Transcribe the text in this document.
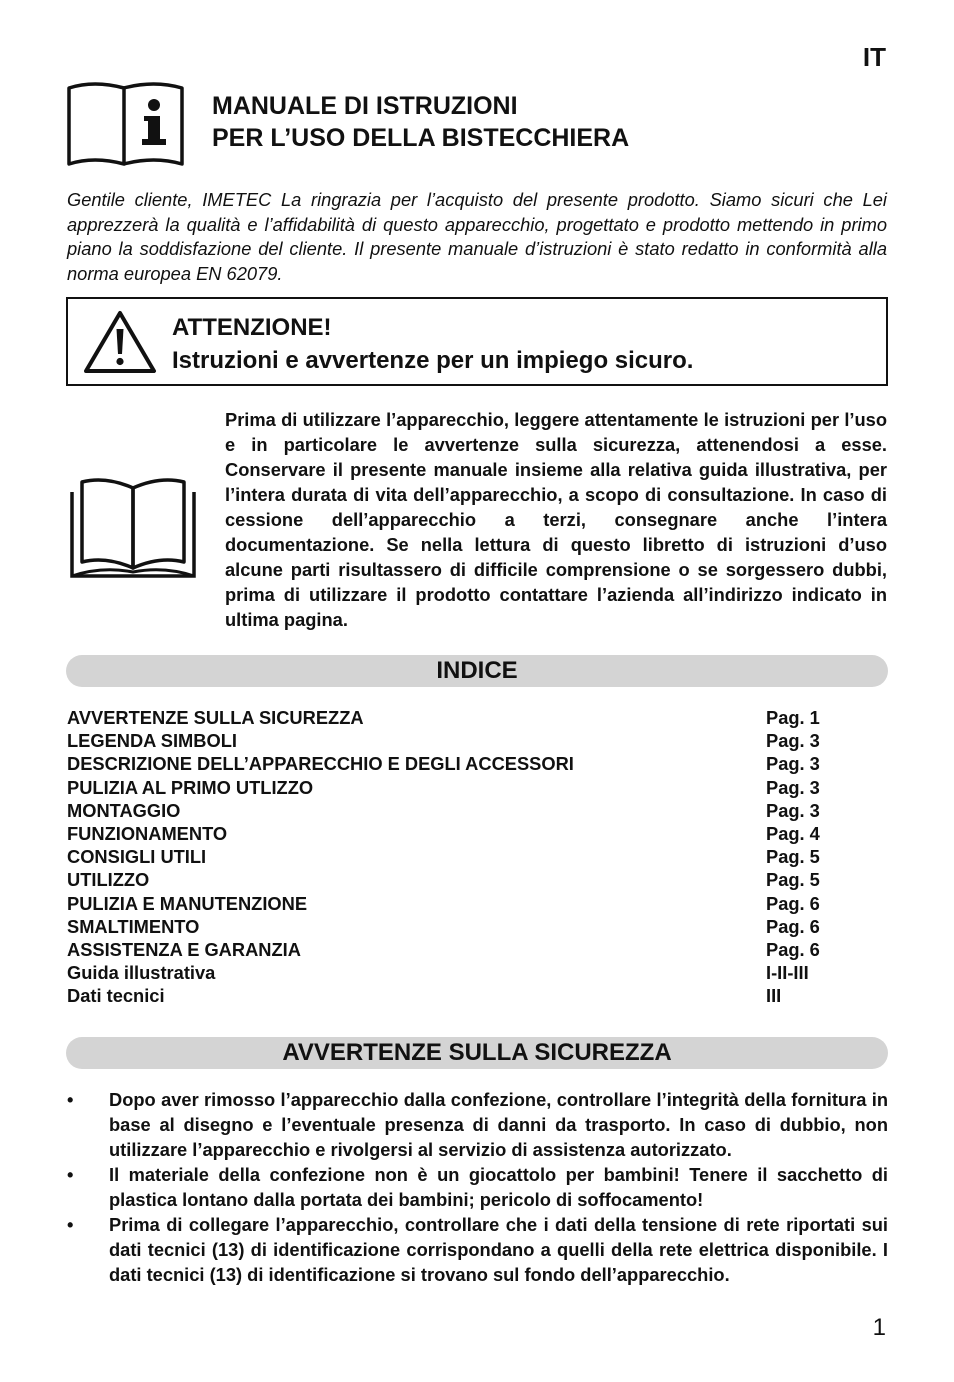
IT
MANUALE DI ISTRUZIONI
PER L’USO DELLA BISTECCHIERA
Gentile cliente, IMETEC La ringrazia per l’acquisto del presente prodotto. Siamo sicuri che Lei apprezzerà la qualità e l’affidabilità di questo apparecchio, progettato e prodotto mettendo in primo piano la soddisfazione del cliente. Il presente manuale d’istruzioni è stato redatto in conformità alla norma europea EN 62079.
ATTENZIONE!
Istruzioni e avvertenze per un impiego sicuro.
Prima di utilizzare l’apparecchio, leggere attentamente le istruzioni per l’uso e in particolare le avvertenze sulla sicurezza, attenendosi a esse. Conservare il presente manuale insieme alla relativa guida illustrativa, per l’intera durata di vita dell’apparecchio, a scopo di consultazione. In caso di cessione dell’apparecchio a terzi, consegnare anche l’intera documentazione. Se nella lettura di questo libretto di istruzioni d’uso alcune parti risultassero di difficile comprensione o se sorgessero dubbi, prima di utilizzare il prodotto contattare l’azienda all’indirizzo indicato in ultima pagina.
INDICE
AVVERTENZE SULLA SICUREZZA	Pag. 1
LEGENDA SIMBOLI	Pag. 3
DESCRIZIONE DELL’APPARECCHIO E DEGLI ACCESSORI	Pag. 3
PULIZIA AL PRIMO UTLIZZO	Pag. 3
MONTAGGIO	Pag. 3
FUNZIONAMENTO	Pag. 4
CONSIGLI UTILI	Pag. 5
UTILIZZO	Pag. 5
PULIZIA E MANUTENZIONE	Pag. 6
SMALTIMENTO	Pag. 6
ASSISTENZA E GARANZIA	Pag. 6
Guida illustrativa	I-II-III
Dati tecnici	III
AVVERTENZE SULLA SICUREZZA
• Dopo aver rimosso l’apparecchio dalla confezione, controllare l’integrità della fornitura in base al disegno e l’eventuale presenza di danni da trasporto. In caso di dubbio, non utilizzare l’apparecchio e rivolgersi al servizio di assistenza autorizzato.
• Il materiale della confezione non è un giocattolo per bambini! Tenere il sacchetto di plastica lontano dalla portata dei bambini; pericolo di soffocamento!
• Prima di collegare l’apparecchio, controllare che i dati della tensione di rete riportati sui dati tecnici (13) di identificazione corrispondano a quelli della rete elettrica disponibile. I dati tecnici (13) di identificazione si trovano sul fondo dell’apparecchio.
1
